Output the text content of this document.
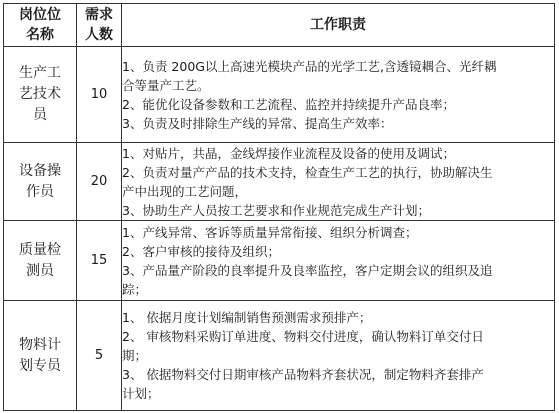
岗位位
名称	需求
人数	工作职责

生产工
艺技术
员	10	1、负责 200G以上高速光模块产品的光学工艺,含透镜耦合、光纤耦
合等量产工艺。
2、能优化设备参数和工艺流程、监控并持续提升产品良率；
3、负责及时排除生产线的异常、提高生产效率：

设备操
作员	20	1、对贴片，共晶，金线焊接作业流程及设备的使用及调试；
2、负责对量产产品的技术支持，检查生产工艺的执行，协助解决生
产中出现的工艺问题，
3、协助生产人员按工艺要求和作业规范完成生产计划；

质量检
测员	15	1、产线异常、客诉等质量异常衔接、组织分析调查；
2、客户审核的接待及组织；
3、产品量产阶段的良率提升及良率监控，客户定期会议的组织及追
踪；

物料计
划专员	5	1、 依据月度计划编制销售预测需求预排产；
2、 审核物料采购订单进度、物料交付进度，确认物料订单交付日
期；
3、 依据物料交付日期审核产品物料齐套状况，制定物料齐套排产
计划；
